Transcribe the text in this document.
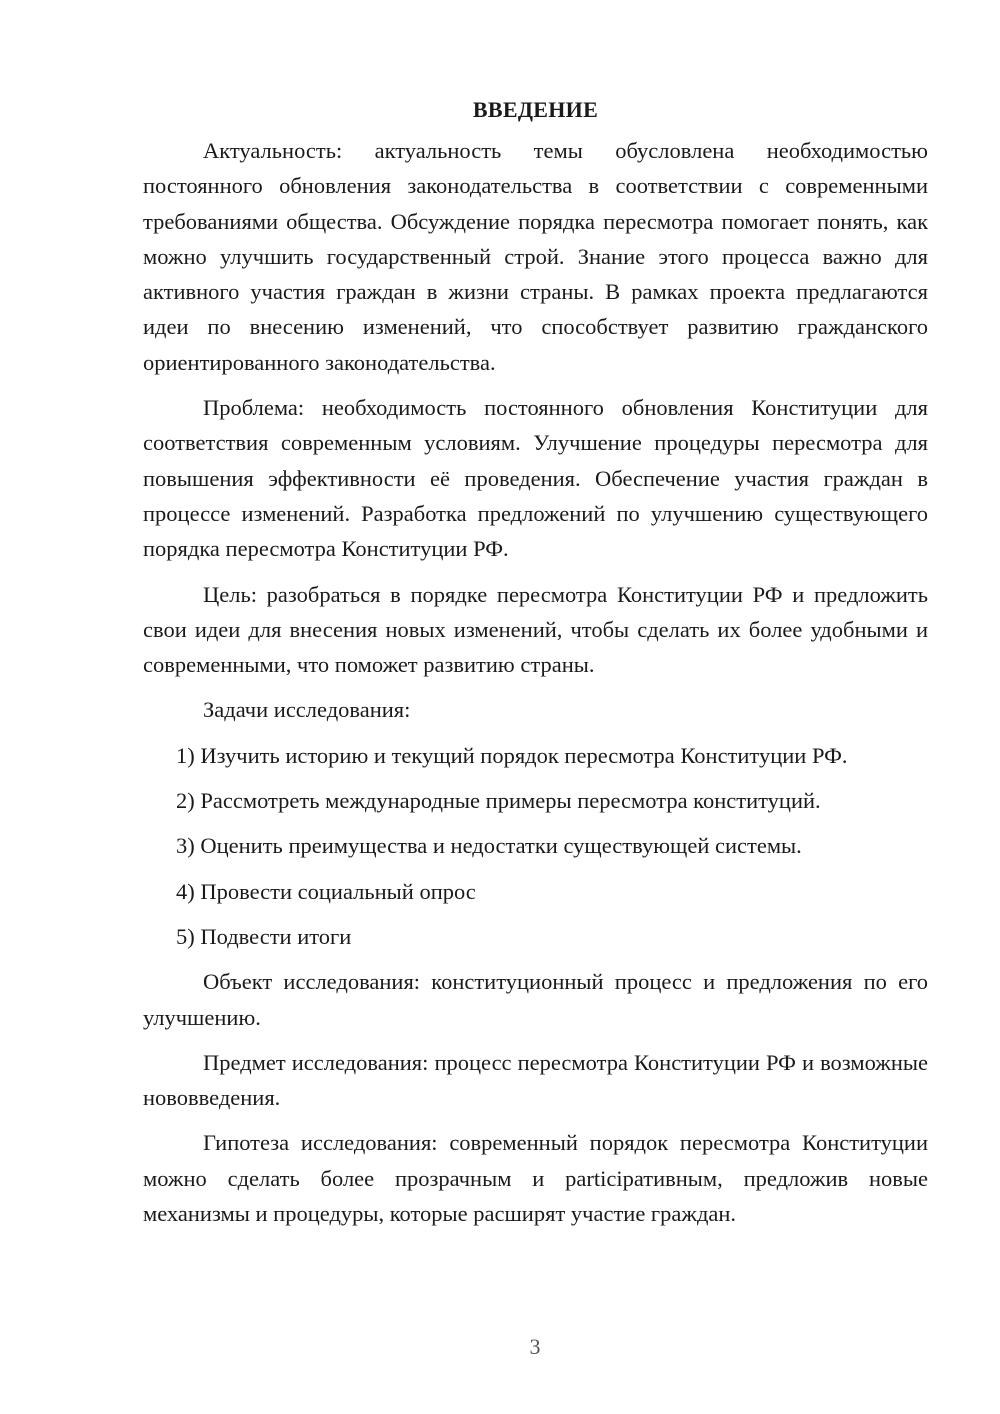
ВВЕДЕНИЕ

Актуальность: актуальность темы обусловлена необходимостью постоянного обновления законодательства в соответствии с современными требованиями общества. Обсуждение порядка пересмотра помогает понять, как можно улучшить государственный строй. Знание этого процесса важно для активного участия граждан в жизни страны. В рамках проекта предлагаются идеи по внесению изменений, что способствует развитию гражданского ориентированного законодательства.

Проблема: необходимость постоянного обновления Конституции для соответствия современным условиям. Улучшение процедуры пересмотра для повышения эффективности её проведения. Обеспечение участия граждан в процессе изменений. Разработка предложений по улучшению существующего порядка пересмотра Конституции РФ.

Цель: разобраться в порядке пересмотра Конституции РФ и предложить свои идеи для внесения новых изменений, чтобы сделать их более удобными и современными, что поможет развитию страны.

Задачи исследования:

1) Изучить историю и текущий порядок пересмотра Конституции РФ.
2) Рассмотреть международные примеры пересмотра конституций.
3) Оценить преимущества и недостатки существующей системы.
4) Провести социальный опрос
5) Подвести итоги

Объект исследования: конституционный процесс и предложения по его улучшению.

Предмет исследования: процесс пересмотра Конституции РФ и возможные нововведения.

Гипотеза исследования: современный порядок пересмотра Конституции можно сделать более прозрачным и participативным, предложив новые механизмы и процедуры, которые расширят участие граждан.

3
